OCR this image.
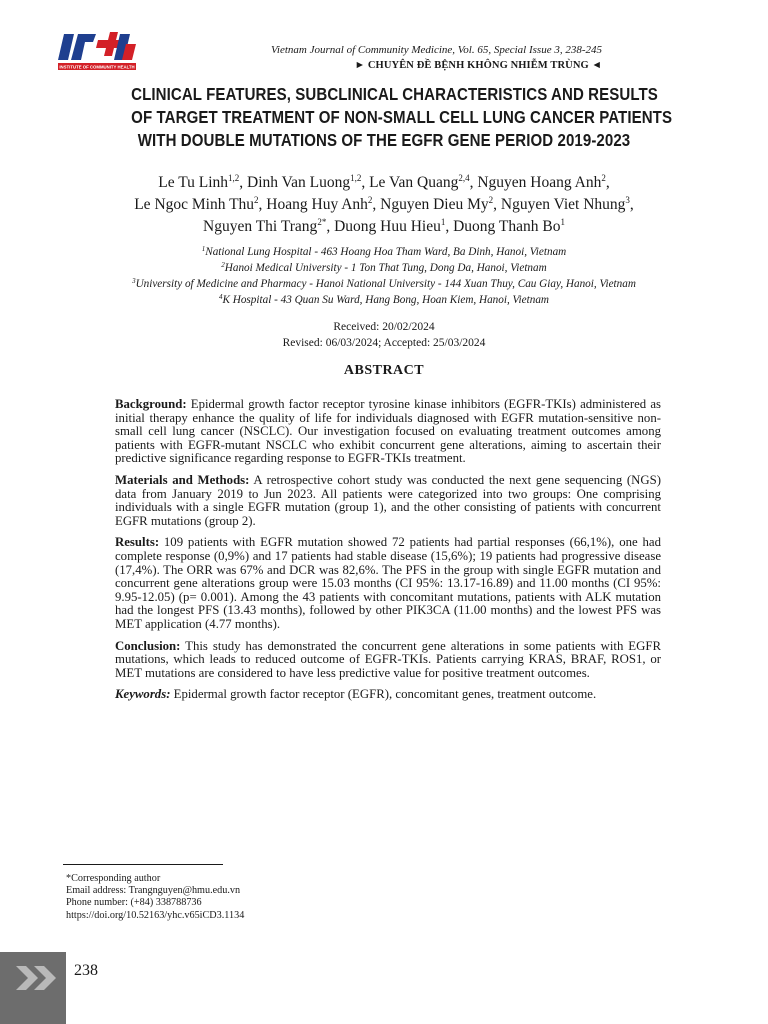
INSTITUTE OF COMMUNITY HEALTH
Vietnam Journal of Community Medicine, Vol. 65, Special Issue 3, 238-245
► CHUYÊN ĐỀ BỆNH KHÔNG NHIỄM TRÙNG ◄
CLINICAL FEATURES, SUBCLINICAL CHARACTERISTICS AND RESULTS
OF TARGET TREATMENT OF NON-SMALL CELL LUNG CANCER PATIENTS
WITH DOUBLE MUTATIONS OF THE EGFR GENE PERIOD 2019-2023
Le Tu Linh$^{1,2}$, Dinh Van Luong$^{1,2}$, Le Van Quang$^{2,4}$, Nguyen Hoang Anh$^2$,
Le Ngoc Minh Thu$^2$, Hoang Huy Anh$^2$, Nguyen Dieu My$^2$, Nguyen Viet Nhung$^3$,
Nguyen Thi Trang$^{2*}$, Duong Huu Hieu$^1$, Duong Thanh Bo$^1$
$^1$National Lung Hospital - 463 Hoang Hoa Tham Ward, Ba Dinh, Hanoi, Vietnam
$^2$Hanoi Medical University - 1 Ton That Tung, Dong Da, Hanoi, Vietnam
$^3$University of Medicine and Pharmacy - Hanoi National University - 144 Xuan Thuy, Cau Giay, Hanoi, Vietnam
$^4$K Hospital - 43 Quan Su Ward, Hang Bong, Hoan Kiem, Hanoi, Vietnam
Received: 20/02/2024
Revised: 06/03/2024; Accepted: 25/03/2024
ABSTRACT

Background: Epidermal growth factor receptor tyrosine kinase inhibitors (EGFR-TKIs) administered as initial therapy enhance the quality of life for individuals diagnosed with EGFR mutation-sensitive non-small cell lung cancer (NSCLC). Our investigation focused on evaluating treatment outcomes among patients with EGFR-mutant NSCLC who exhibit concurrent gene alterations, aiming to ascertain their predictive significance regarding response to EGFR-TKIs treatment.

Materials and Methods: A retrospective cohort study was conducted the next gene sequencing (NGS) data from January 2019 to Jun 2023. All patients were categorized into two groups: One comprising individuals with a single EGFR mutation (group 1), and the other consisting of patients with concurrent EGFR mutations (group 2).

Results: 109 patients with EGFR mutation showed 72 patients had partial responses (66,1%), one had complete response (0,9%) and 17 patients had stable disease (15,6%); 19 patients had progressive disease (17,4%). The ORR was 67% and DCR was 82,6%. The PFS in the group with single EGFR mutation and concurrent gene alterations group were 15.03 months (CI 95%: 13.17-16.89) and 11.00 months (CI 95%: 9.95-12.05) (p= 0.001). Among the 43 patients with concomitant mutations, patients with ALK mutation had the longest PFS (13.43 months), followed by other PIK3CA (11.00 months) and the lowest PFS was MET application (4.77 months).

Conclusion: This study has demonstrated the concurrent gene alterations in some patients with EGFR mutations, which leads to reduced outcome of EGFR-TKIs. Patients carrying KRAS, BRAF, ROS1, or MET mutations are considered to have less predictive value for positive treatment outcomes.

Keywords: Epidermal growth factor receptor (EGFR), concomitant genes, treatment outcome.

*Corresponding author
Email address: Trangnguyen@hmu.edu.vn
Phone number: (+84) 338788736
https://doi.org/10.52163/yhc.v65iCD3.1134
238
